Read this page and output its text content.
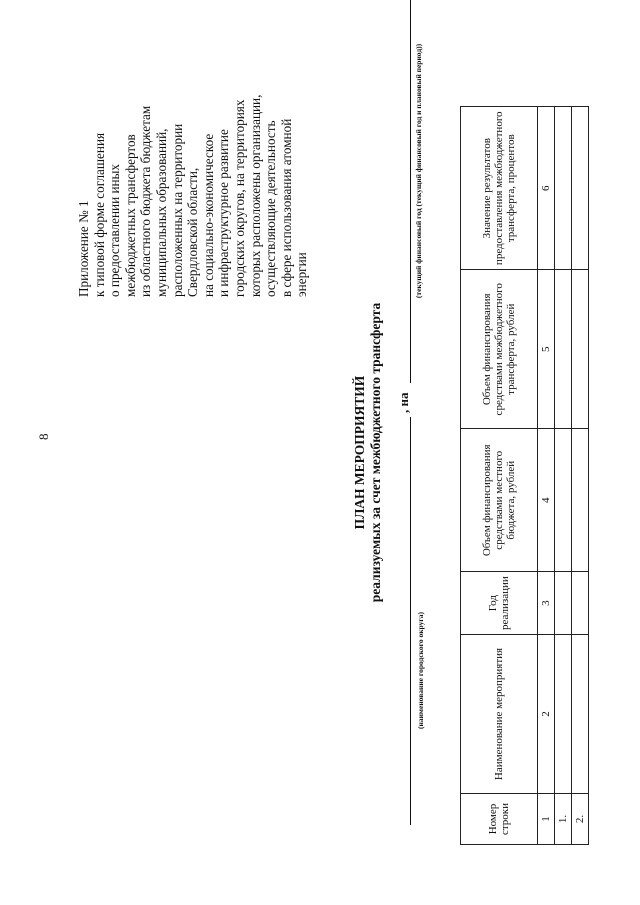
8
Приложение № 1 к типовой форме соглашения о предоставлении иных межбюджетных трансфертов из областного бюджета бюджетам муниципальных образований, расположенных на территории Свердловской области, на социально-экономическое и инфраструктурное развитие городских округов, на территориях которых расположены организации, осуществляющие деятельность в сфере использования атомной энергии
ПЛАН МЕРОПРИЯТИЙ реализуемых за счет межбюджетного трансферта , на
(наименование городского округа)
(текущий финансовый год (текущий финансовый год и плановый период))
Номер строки	Наименование мероприятия	Год реализации	Объем финансирования средствами местного бюджета, рублей	Объем финансирования средствами межбюджетного трансферта, рублей	Значение результатов предоставления межбюджетного трансферта, процентов
1	2	3	4	5	6
1.					
2.					
